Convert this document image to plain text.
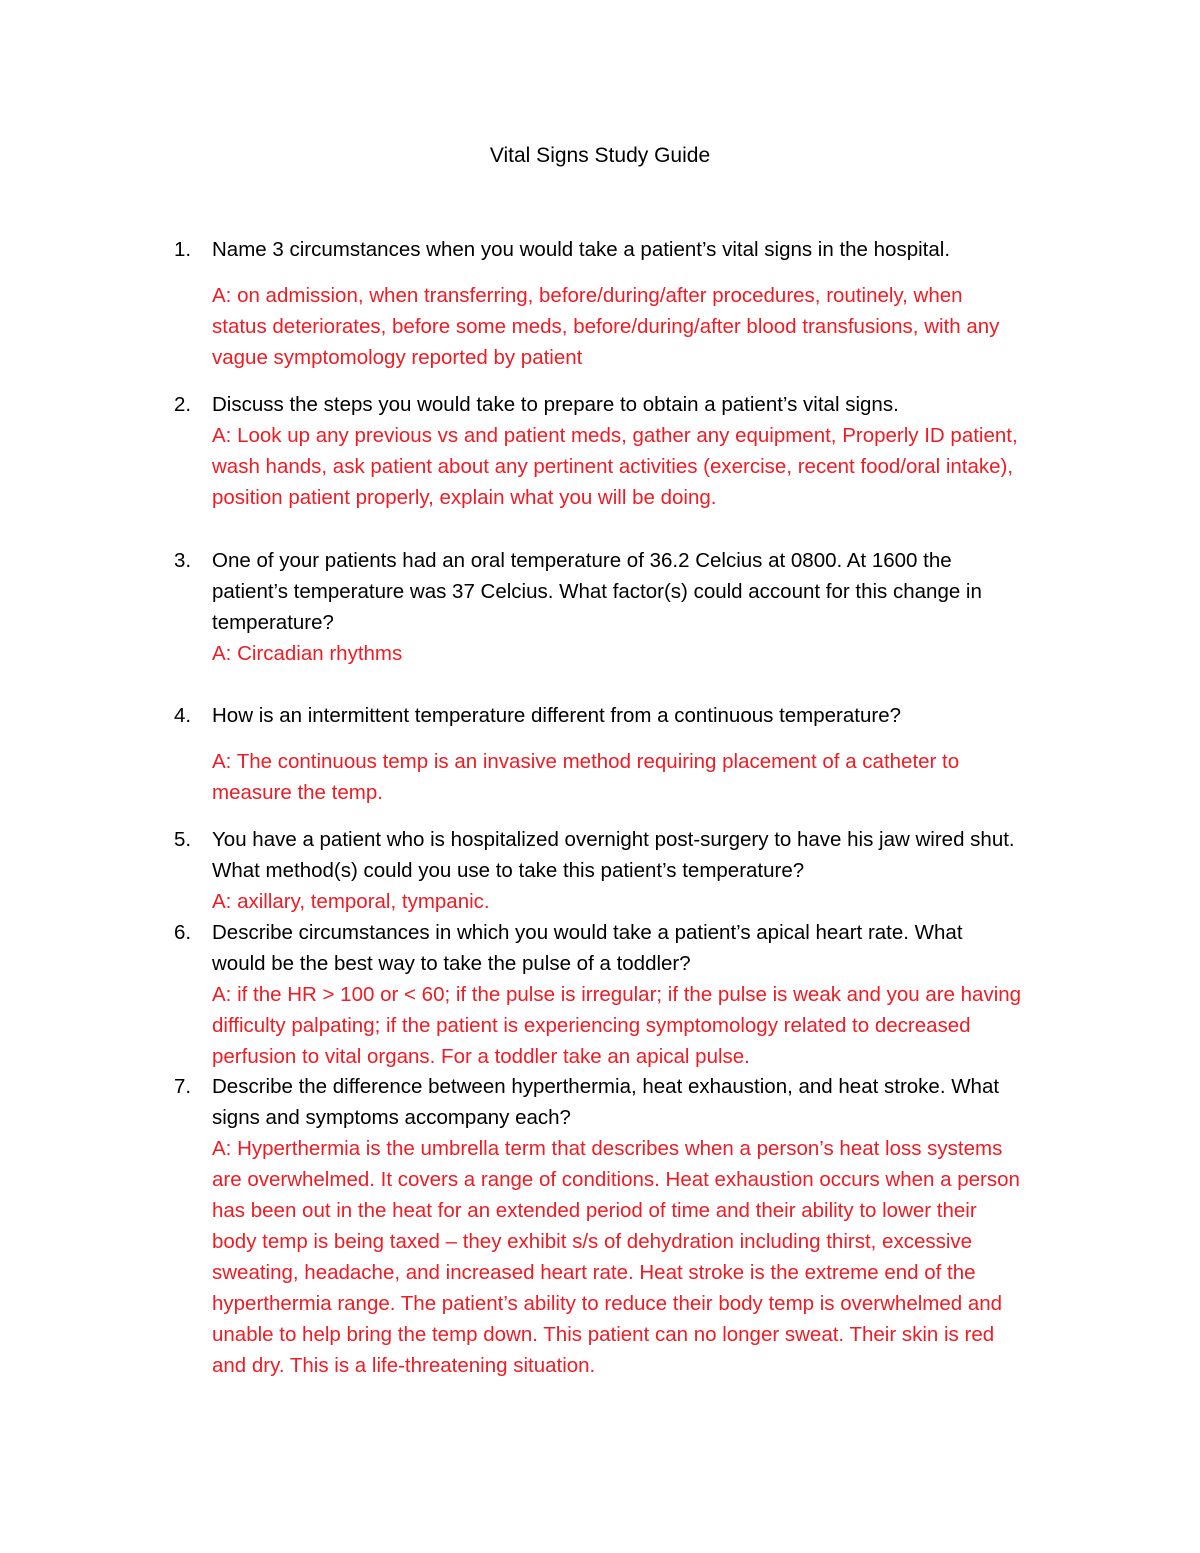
Vital Signs Study Guide
1.	Name 3 circumstances when you would take a patient’s vital signs in the hospital.
A: on admission, when transferring, before/during/after procedures, routinely, when
status deteriorates, before some meds, before/during/after blood transfusions, with any
vague symptomology reported by patient
2.	Discuss the steps you would take to prepare to obtain a patient’s vital signs.
A: Look up any previous vs and patient meds, gather any equipment, Properly ID patient,
wash hands, ask patient about any pertinent activities (exercise, recent food/oral intake),
position patient properly, explain what you will be doing.
3.	One of your patients had an oral temperature of 36.2 Celcius at 0800. At 1600 the
patient’s temperature was 37 Celcius. What factor(s) could account for this change in
temperature?
A: Circadian rhythms
4.	How is an intermittent temperature different from a continuous temperature?
A: The continuous temp is an invasive method requiring placement of a catheter to
measure the temp.
5.	You have a patient who is hospitalized overnight post-surgery to have his jaw wired shut.
What method(s) could you use to take this patient’s temperature?
A: axillary, temporal, tympanic.
6.	Describe circumstances in which you would take a patient’s apical heart rate. What
would be the best way to take the pulse of a toddler?
A: if the HR > 100 or < 60; if the pulse is irregular; if the pulse is weak and you are having
difficulty palpating; if the patient is experiencing symptomology related to decreased
perfusion to vital organs. For a toddler take an apical pulse.
7.	Describe the difference between hyperthermia, heat exhaustion, and heat stroke. What
signs and symptoms accompany each?
A: Hyperthermia is the umbrella term that describes when a person’s heat loss systems
are overwhelmed. It covers a range of conditions. Heat exhaustion occurs when a person
has been out in the heat for an extended period of time and their ability to lower their
body temp is being taxed – they exhibit s/s of dehydration including thirst, excessive
sweating, headache, and increased heart rate. Heat stroke is the extreme end of the
hyperthermia range. The patient’s ability to reduce their body temp is overwhelmed and
unable to help bring the temp down. This patient can no longer sweat. Their skin is red
and dry. This is a life-threatening situation.
